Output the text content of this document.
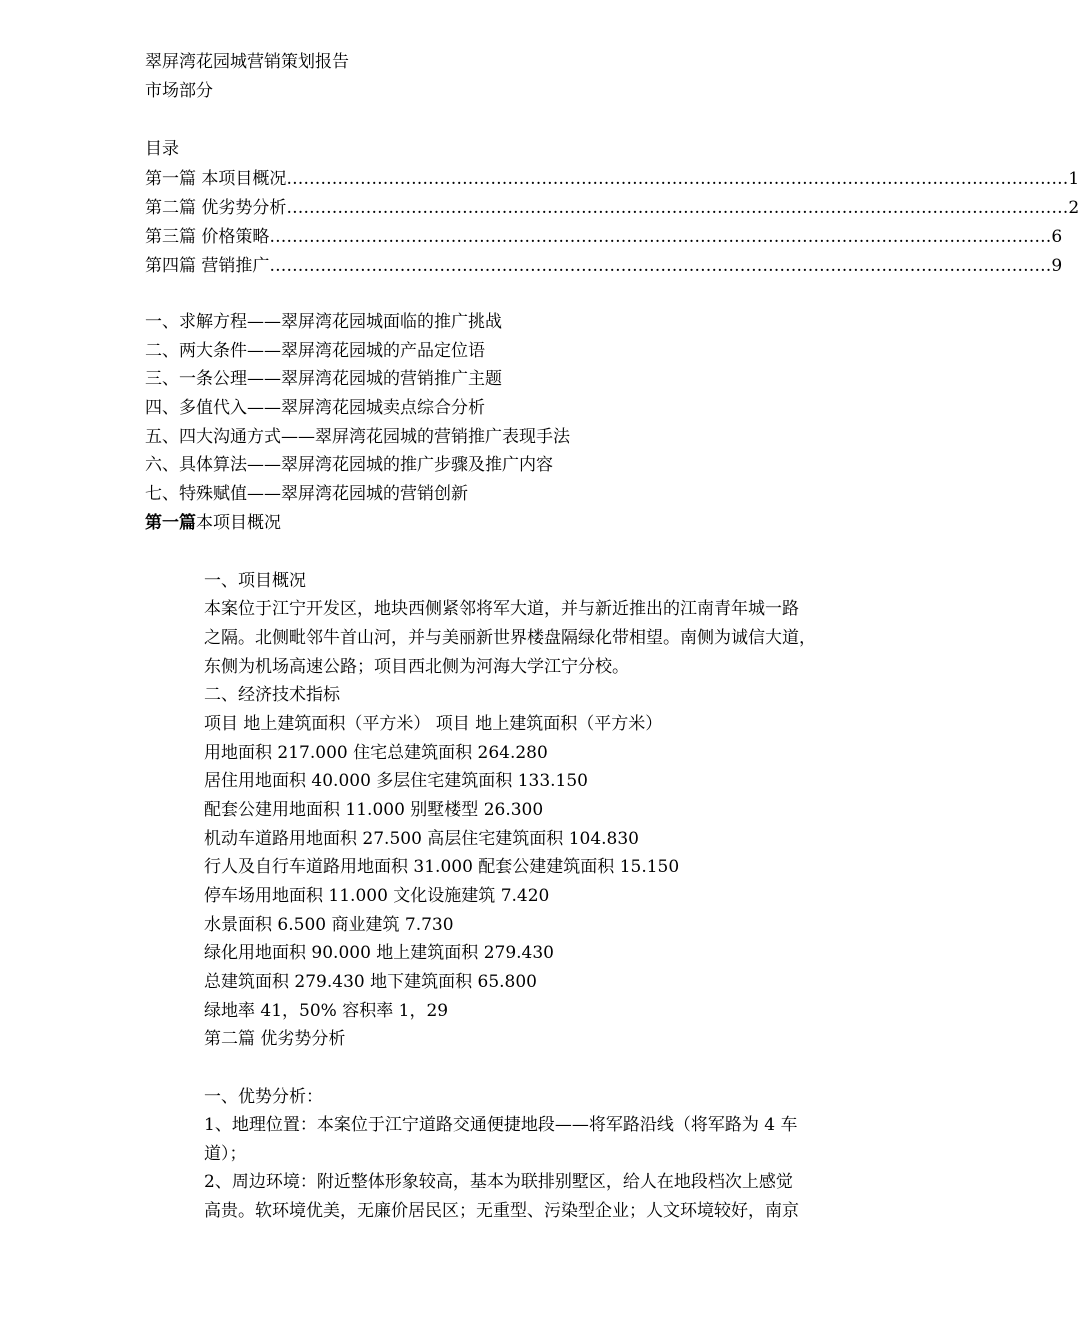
翠屏湾花园城营销策划报告
市场部分
目录
第一篇 本项目概况 ………………………………………………………………………………………………………………………… 1
第二篇 优劣势分析 ………………………………………………………………………………………………………………………… 2
第三篇 价格策略 ………………………………………………………………………………………………………………………… 6
第四篇 营销推广 ………………………………………………………………………………………………………………………… 9
一、求解方程——翠屏湾花园城面临的推广挑战
二、两大条件——翠屏湾花园城的产品定位语
三、一条公理——翠屏湾花园城的营销推广主题
四、多值代入——翠屏湾花园城卖点综合分析
五、四大沟通方式——翠屏湾花园城的营销推广表现手法
六、具体算法——翠屏湾花园城的推广步骤及推广内容
七、特殊赋值——翠屏湾花园城的营销创新
第一篇本项目概况
一、项目概况
本案位于江宁开发区，地块西侧紧邻将军大道，并与新近推出的江南青年城一路
之隔。北侧毗邻牛首山河，并与美丽新世界楼盘隔绿化带相望。南侧为诚信大道，
东侧为机场高速公路；项目西北侧为河海大学江宁分校。
二、经济技术指标
项目 地上建筑面积（平方米） 项目 地上建筑面积（平方米）
用地面积 217.000 住宅总建筑面积 264.280
居住用地面积 40.000 多层住宅建筑面积 133.150
配套公建用地面积 11.000 别墅楼型 26.300
机动车道路用地面积 27.500 高层住宅建筑面积 104.830
行人及自行车道路用地面积 31.000 配套公建建筑面积 15.150
停车场用地面积 11.000 文化设施建筑 7.420
水景面积 6.500 商业建筑 7.730
绿化用地面积 90.000 地上建筑面积 279.430
总建筑面积 279.430 地下建筑面积 65.800
绿地率 41，50% 容积率 1，29
第二篇 优劣势分析
一、优势分析：
1、地理位置：本案位于江宁道路交通便捷地段——将军路沿线（将军路为 4 车
道）；
2、周边环境：附近整体形象较高，基本为联排别墅区，给人在地段档次上感觉
高贵。软环境优美，无廉价居民区；无重型、污染型企业；人文环境较好，南京
